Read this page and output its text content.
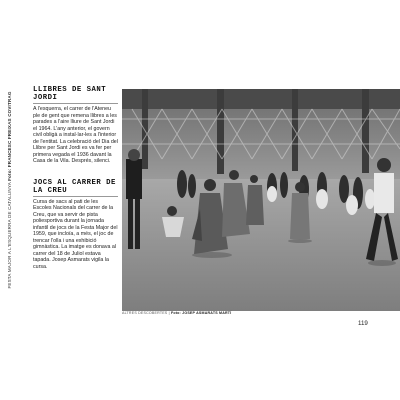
FESTA MAJOR A L'ESQUERRA DE CATALUNYA Foto: FRANCESC FREIXAS COVITRAG
LLIBRES DE SANT JORDI

A l'esquerra, el carrer de l'Ateneu ple de gent que remena llibres a les parades a l'aire lliure de Sant Jordi el 1964. L'any anterior, el govern civil obligà a instal·lar-les a l'interior de l'entitat. La celebració del Dia del Llibre per Sant Jordi es va fer per primera vegada el 1936 davant la Casa de la Vila. Després, silenci.

JOCS AL CARRER DE LA CREU

Cursa de sacs al pati de les Escoles Nacionals del carrer de la Creu, que va servir de pista poliesportiva durant la jornada infantil de jocs de la Festa Major del 1959, que incloïa, a més, el joc de trencar l'olla i una exhibició gimnàstica. La imatge es donava al carrer del 18 de Juliol estava tapada. Josep Asmarats vigila la cursa.

ALTRES DESCOBERTES | Foto: JOSEP ASMARATS MARTÍ
119
